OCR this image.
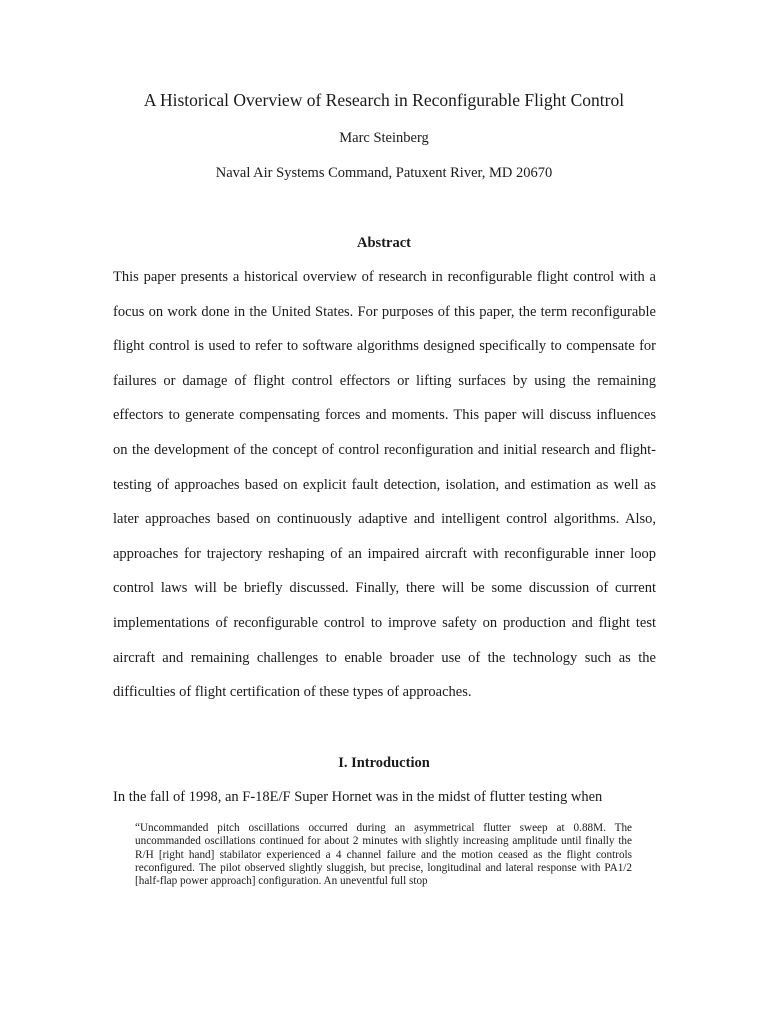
A Historical Overview of Research in Reconfigurable Flight Control
Marc Steinberg
Naval Air Systems Command, Patuxent River, MD 20670
Abstract
This paper presents a historical overview of research in reconfigurable flight control with a focus on work done in the United States. For purposes of this paper, the term reconfigurable flight control is used to refer to software algorithms designed specifically to compensate for failures or damage of flight control effectors or lifting surfaces by using the remaining effectors to generate compensating forces and moments. This paper will discuss influences on the development of the concept of control reconfiguration and initial research and flight-testing of approaches based on explicit fault detection, isolation, and estimation as well as later approaches based on continuously adaptive and intelligent control algorithms. Also, approaches for trajectory reshaping of an impaired aircraft with reconfigurable inner loop control laws will be briefly discussed. Finally, there will be some discussion of current implementations of reconfigurable control to improve safety on production and flight test aircraft and remaining challenges to enable broader use of the technology such as the difficulties of flight certification of these types of approaches.
I. Introduction
In the fall of 1998, an F-18E/F Super Hornet was in the midst of flutter testing when
“Uncommanded pitch oscillations occurred during an asymmetrical flutter sweep at 0.88M. The uncommanded oscillations continued for about 2 minutes with slightly increasing amplitude until finally the R/H [right hand] stabilator experienced a 4 channel failure and the motion ceased as the flight controls reconfigured. The pilot observed slightly sluggish, but precise, longitudinal and lateral response with PA1/2 [half-flap power approach] configuration. An uneventful full stop
